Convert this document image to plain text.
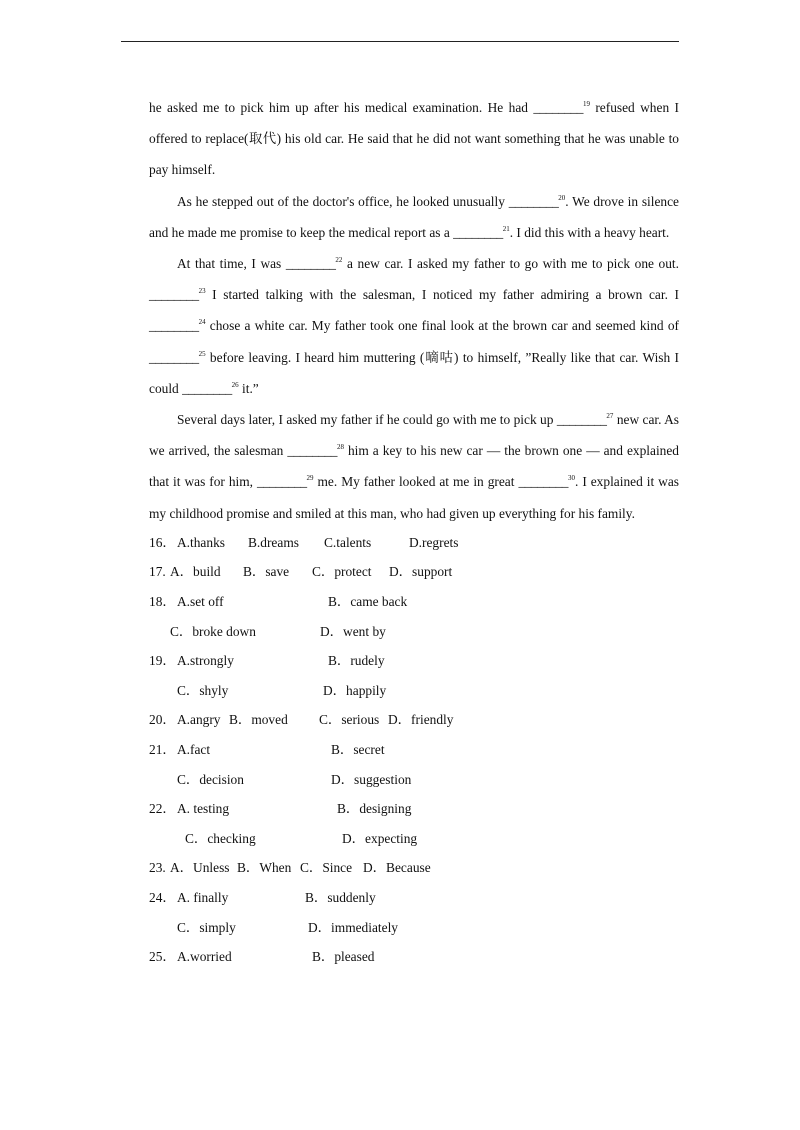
he asked me to pick him up after his medical examination. He had ________$^{19}$ refused when I offered to replace(取代) his old car. He said that he did not want something that he was unable to pay himself.

As he stepped out of the doctor's office, he looked unusually ________$^{20}$. We drove in silence and he made me promise to keep the medical report as a ________$^{21}$. I did this with a heavy heart.

At that time, I was ________$^{22}$ a new car. I asked my father to go with me to pick one out. ________$^{23}$ I started talking with the salesman, I noticed my father admiring a brown car. I ________$^{24}$ chose a white car. My father took one final look at the brown car and seemed kind of ________$^{25}$ before leaving. I heard him muttering (嘀咕) to himself, ”Really like that car. Wish I could ________$^{26}$ it.”

Several days later, I asked my father if he could go with me to pick up ________$^{27}$ new car. As we arrived, the salesman ________$^{28}$ him a key to his new car — the brown one — and explained that it was for him, ________$^{29}$ me. My father looked at me in great ________$^{30}$. I explained it was my childhood promise and smiled at this man, who had given up everything for his family.

16． A.thanks B.dreams C.talents	D.regrets
17. A．build B．save C．protect D．support
18． A.set off	B．came back
C．broke down	D．went by
19． A.strongly	B．rudely
C．shyly	D．happily
20． A.angry B．moved C．serious D．friendly
21． A.fact	B．secret
C．decision	D．suggestion
22． A. testing	B．designing
C．checking	D．expecting
23. A．Unless B．When C．Since D．Because
24． A. finally	B．suddenly
C．simply	D．immediately
25． A.worried	B．pleased
